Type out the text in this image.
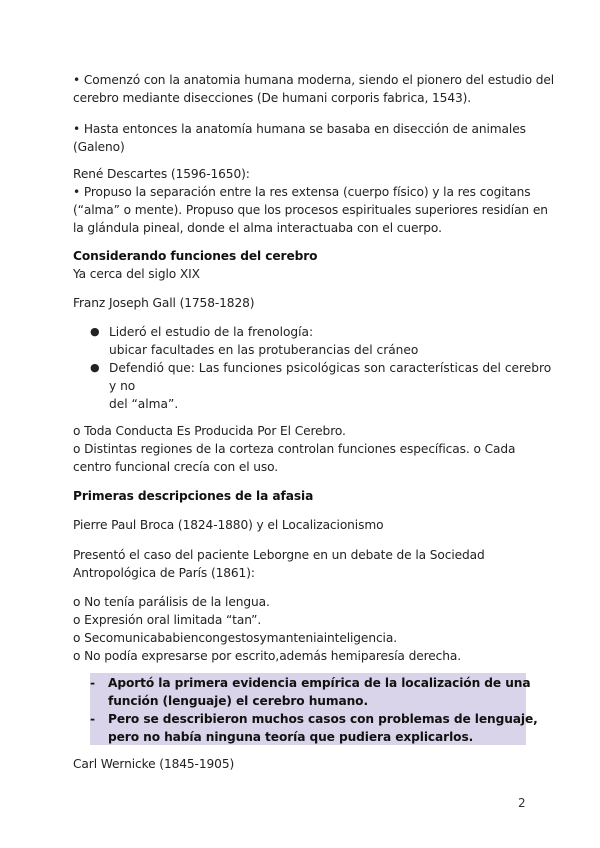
• Comenzó con la anatomia humana moderna, siendo el pionero del estudio del

cerebro mediante disecciones (De humani corporis fabrica, 1543).

• Hasta entonces la anatomía humana se basaba en disección de animales

(Galeno)

René Descartes (1596-1650):

• Propuso la separación entre la res extensa (cuerpo físico) y la res cogitans

(“alma” o mente). Propuso que los procesos espirituales superiores residían en

la glándula pineal, donde el alma interactuaba con el cuerpo.

Considerando funciones del cerebro

Ya cerca del siglo XIX

Franz Joseph Gall (1758-1828)

● Lideró el estudio de la frenología:
ubicar facultades en las protuberancias del cráneo
● Defendió que: Las funciones psicológicas son características del cerebro
y no
del “alma”.

o Toda Conducta Es Producida Por El Cerebro.

o Distintas regiones de la corteza controlan funciones específicas. o Cada

centro funcional crecía con el uso.

Primeras descripciones de la afasia

Pierre Paul Broca (1824-1880) y el Localizacionismo

Presentó el caso del paciente Leborgne en un debate de la Sociedad

Antropológica de París (1861):

o No tenía parálisis de la lengua.

o Expresión oral limitada “tan”.

o Secomunicababiencongestosymanteniainteligencia.

o No podía expresarse por escrito,además hemiparesía derecha.

- Aportó la primera evidencia empírica de la localización de una
función (lenguaje) el cerebro humano.
- Pero se describieron muchos casos con problemas de lenguaje,
pero no había ninguna teoría que pudiera explicarlos.

Carl Wernicke (1845-1905)

2
